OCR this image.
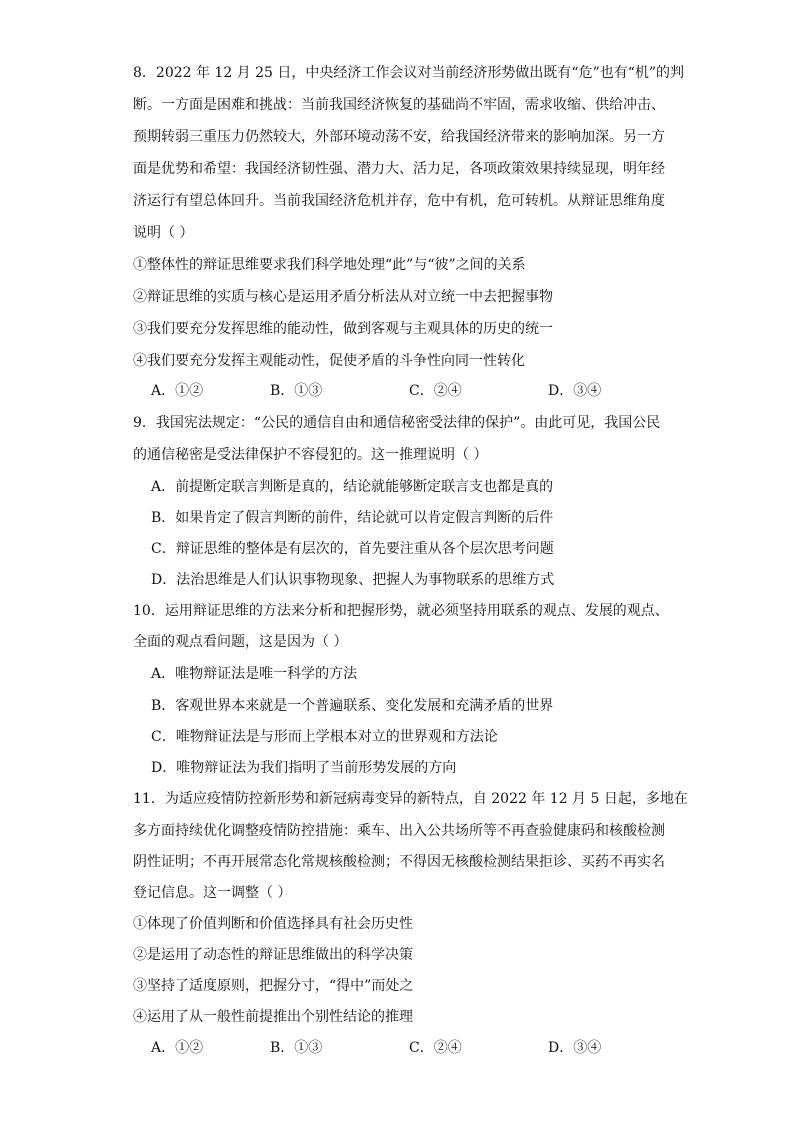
8．2022 年 12 月 25 日，中央经济工作会议对当前经济形势做出既有“危”也有“机”的判
断。一方面是困难和挑战：当前我国经济恢复的基础尚不牢固，需求收缩、供给冲击、
预期转弱三重压力仍然较大，外部环境动荡不安，给我国经济带来的影响加深。另一方
面是优势和希望：我国经济韧性强、潜力大、活力足，各项政策效果持续显现，明年经
济运行有望总体回升。当前我国经济危机并存，危中有机，危可转机。从辩证思维角度
说明（ ）
①整体性的辩证思维要求我们科学地处理“此”与“彼”之间的关系
②辩证思维的实质与核心是运用矛盾分析法从对立统一中去把握事物
③我们要充分发挥思维的能动性，做到客观与主观具体的历史的统一
④我们要充分发挥主观能动性，促使矛盾的斗争性向同一性转化
A．①②	B．①③	C．②④	D．③④
9．我国宪法规定：“公民的通信自由和通信秘密受法律的保护”。由此可见，我国公民
的通信秘密是受法律保护不容侵犯的。这一推理说明（ ）
A．前提断定联言判断是真的，结论就能够断定联言支也都是真的
B．如果肯定了假言判断的前件，结论就可以肯定假言判断的后件
C．辩证思维的整体是有层次的，首先要注重从各个层次思考问题
D．法治思维是人们认识事物现象、把握人为事物联系的思维方式
10．运用辩证思维的方法来分析和把握形势，就必须坚持用联系的观点、发展的观点、
全面的观点看问题，这是因为（ ）
A．唯物辩证法是唯一科学的方法
B．客观世界本来就是一个普遍联系、变化发展和充满矛盾的世界
C．唯物辩证法是与形而上学根本对立的世界观和方法论
D．唯物辩证法为我们指明了当前形势发展的方向
11．为适应疫情防控新形势和新冠病毒变异的新特点，自 2022 年 12 月 5 日起，多地在
多方面持续优化调整疫情防控措施：乘车、出入公共场所等不再查验健康码和核酸检测
阴性证明；不再开展常态化常规核酸检测；不得因无核酸检测结果拒诊、买药不再实名
登记信息。这一调整（ ）
①体现了价值判断和价值选择具有社会历史性
②是运用了动态性的辩证思维做出的科学决策
③坚持了适度原则，把握分寸，“得中”而处之
④运用了从一般性前提推出个别性结论的推理
A．①②	B．①③	C．②④	D．③④
